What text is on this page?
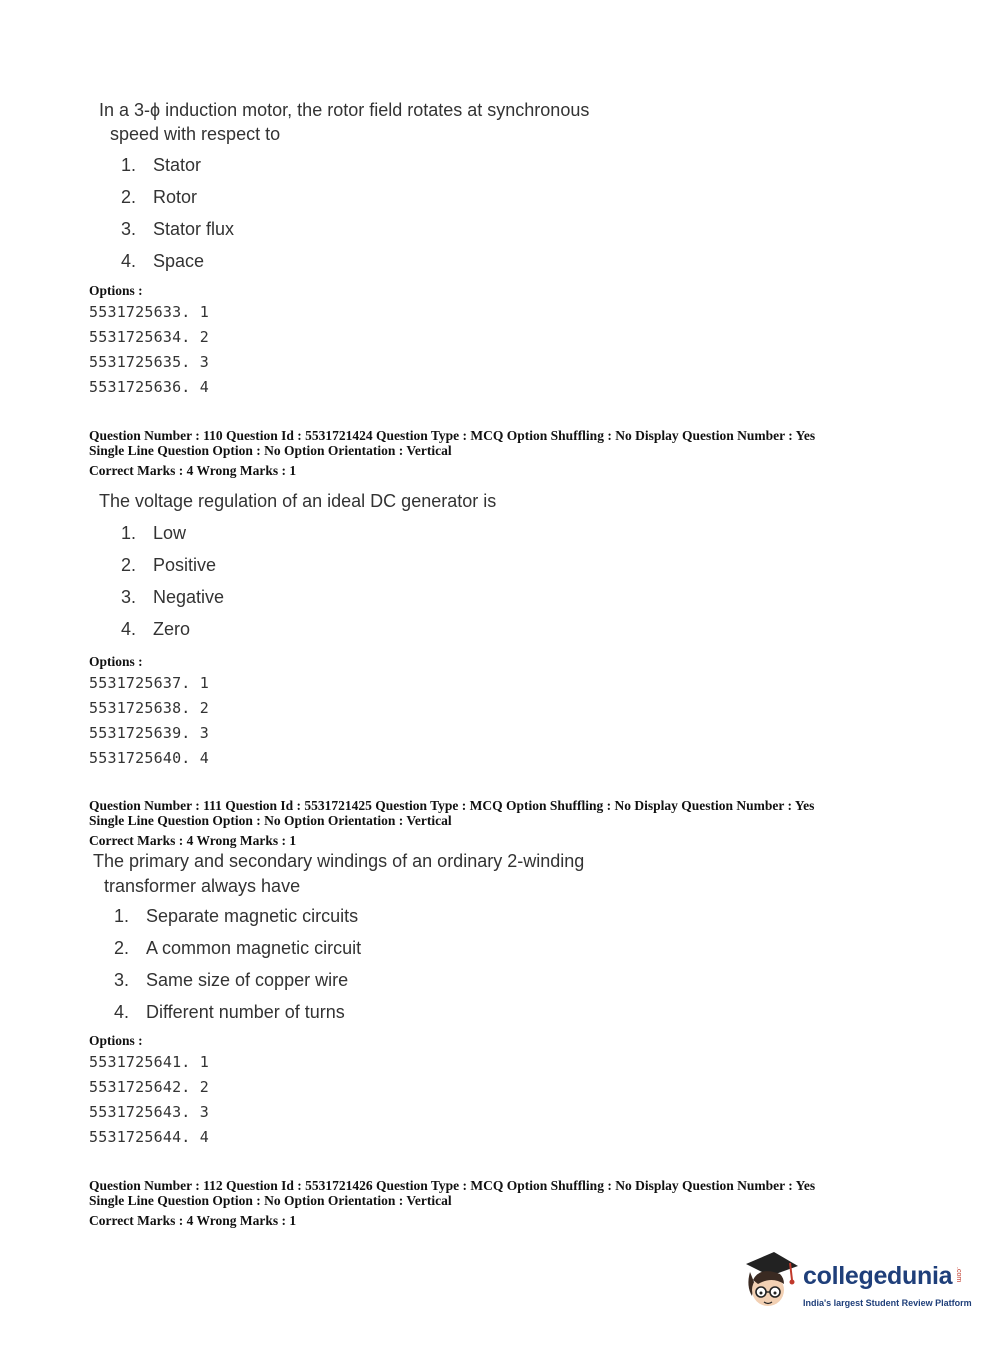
In a 3-ϕ induction motor, the rotor field rotates at synchronous
speed with respect to
1. Stator
2. Rotor
3. Stator flux
4. Space
Options :
5531725633. 1
5531725634. 2
5531725635. 3
5531725636. 4
Question Number : 110 Question Id : 5531721424 Question Type : MCQ Option Shuffling : No Display Question Number : Yes
Single Line Question Option : No Option Orientation : Vertical
Correct Marks : 4 Wrong Marks : 1
The voltage regulation of an ideal DC generator is
1. Low
2. Positive
3. Negative
4. Zero
Options :
5531725637. 1
5531725638. 2
5531725639. 3
5531725640. 4
Question Number : 111 Question Id : 5531721425 Question Type : MCQ Option Shuffling : No Display Question Number : Yes
Single Line Question Option : No Option Orientation : Vertical
Correct Marks : 4 Wrong Marks : 1
The primary and secondary windings of an ordinary 2-winding
transformer always have
1. Separate magnetic circuits
2. A common magnetic circuit
3. Same size of copper wire
4. Different number of turns
Options :
5531725641. 1
5531725642. 2
5531725643. 3
5531725644. 4
Question Number : 112 Question Id : 5531721426 Question Type : MCQ Option Shuffling : No Display Question Number : Yes
Single Line Question Option : No Option Orientation : Vertical
Correct Marks : 4 Wrong Marks : 1
collegedunia .com
India's largest Student Review Platform
